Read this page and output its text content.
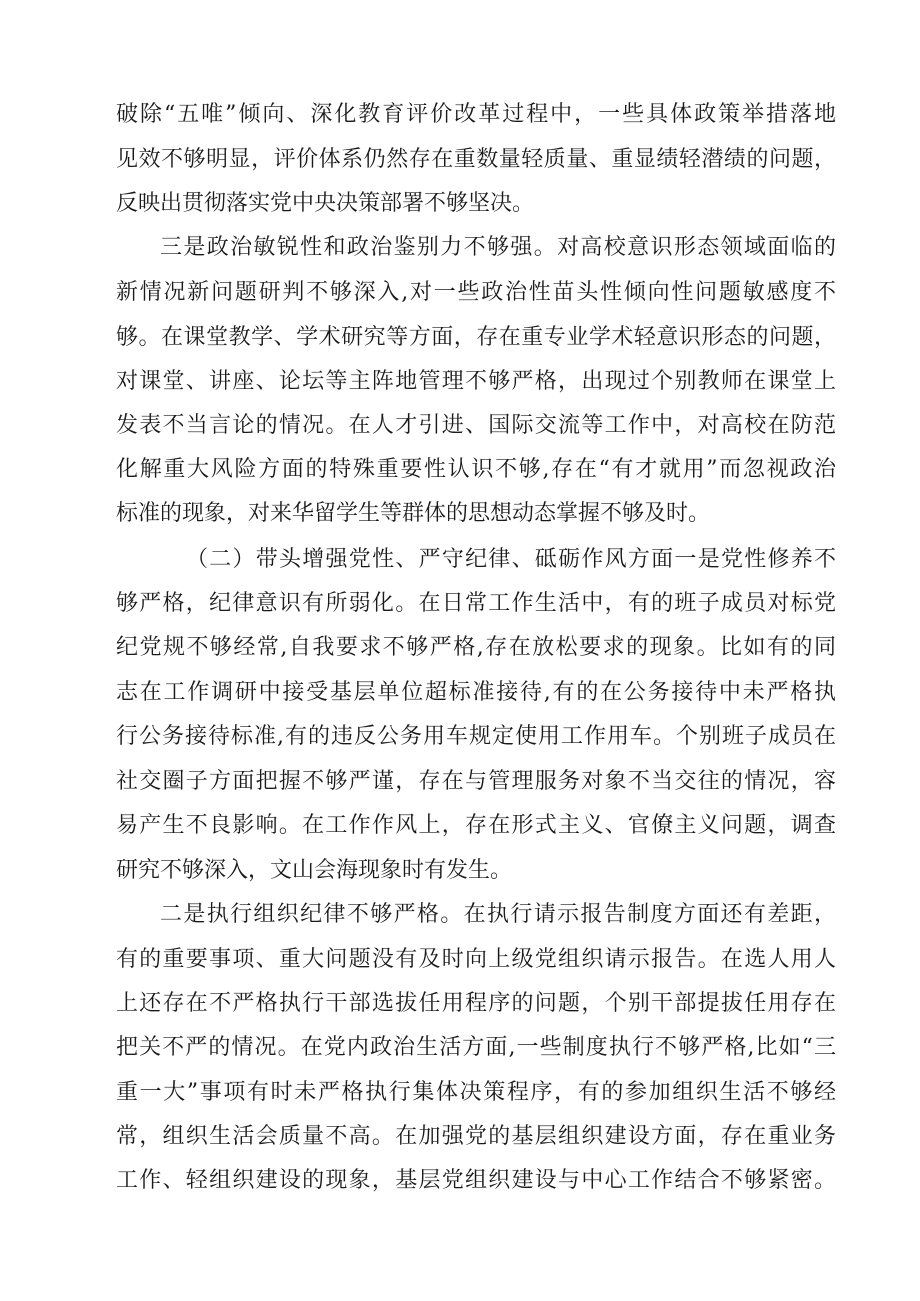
破除“五唯”倾向、深化教育评价改革过程中，一些具体政策举措落地
见效不够明显，评价体系仍然存在重数量轻质量、重显绩轻潜绩的问题，
反映出贯彻落实党中央决策部署不够坚决。
三是政治敏锐性和政治鉴别力不够强。对高校意识形态领域面临的
新情况新问题研判不够深入,对一些政治性苗头性倾向性问题敏感度不
够。在课堂教学、学术研究等方面，存在重专业学术轻意识形态的问题，
对课堂、讲座、论坛等主阵地管理不够严格，出现过个别教师在课堂上
发表不当言论的情况。在人才引进、国际交流等工作中，对高校在防范
化解重大风险方面的特殊重要性认识不够,存在“有才就用”而忽视政治
标准的现象，对来华留学生等群体的思想动态掌握不够及时。
（二）带头增强党性、严守纪律、砥砺作风方面一是党性修养不
够严格，纪律意识有所弱化。在日常工作生活中，有的班子成员对标党
纪党规不够经常,自我要求不够严格,存在放松要求的现象。比如有的同
志在工作调研中接受基层单位超标准接待,有的在公务接待中未严格执
行公务接待标准,有的违反公务用车规定使用工作用车。个别班子成员在
社交圈子方面把握不够严谨，存在与管理服务对象不当交往的情况，容
易产生不良影响。在工作作风上，存在形式主义、官僚主义问题，调查
研究不够深入，文山会海现象时有发生。
二是执行组织纪律不够严格。在执行请示报告制度方面还有差距，
有的重要事项、重大问题没有及时向上级党组织请示报告。在选人用人
上还存在不严格执行干部选拔任用程序的问题，个别干部提拔任用存在
把关不严的情况。在党内政治生活方面,一些制度执行不够严格,比如“三
重一大”事项有时未严格执行集体决策程序，有的参加组织生活不够经
常，组织生活会质量不高。在加强党的基层组织建设方面，存在重业务
工作、轻组织建设的现象，基层党组织建设与中心工作结合不够紧密。
